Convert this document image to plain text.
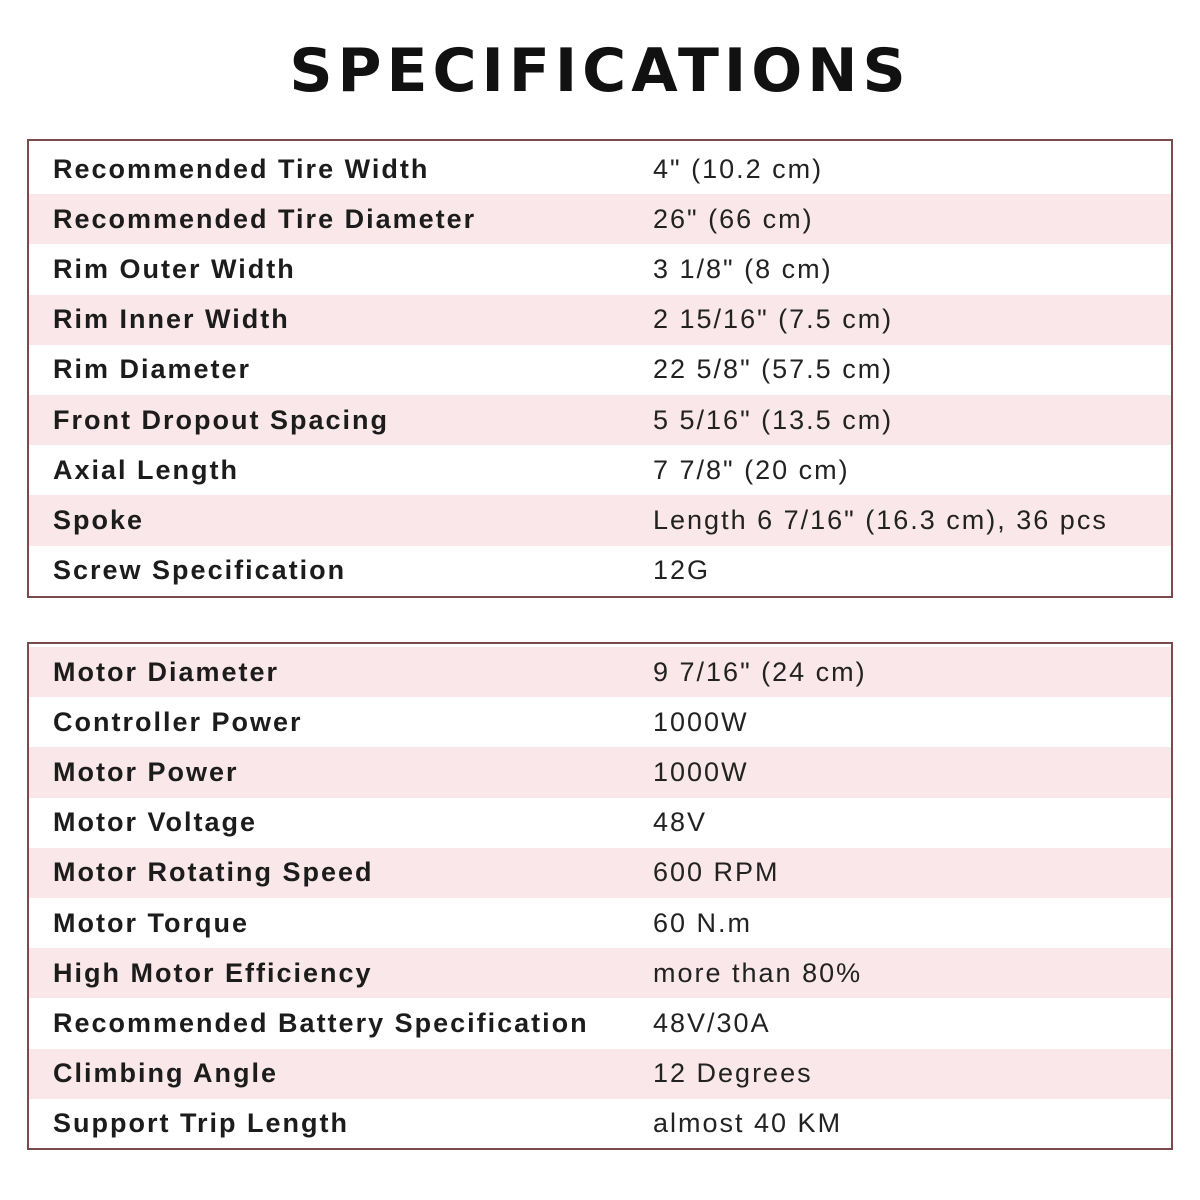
SPECIFICATIONS
Recommended Tire Width	4" (10.2 cm)
Recommended Tire Diameter	26" (66 cm)
Rim Outer Width	3 1/8" (8 cm)
Rim Inner Width	2 15/16" (7.5 cm)
Rim Diameter	22 5/8" (57.5 cm)
Front Dropout Spacing	5 5/16" (13.5 cm)
Axial Length	7 7/8" (20 cm)
Spoke	Length 6 7/16" (16.3 cm), 36 pcs
Screw Specification	12G
Motor Diameter	9 7/16" (24 cm)
Controller Power	1000W
Motor Power	1000W
Motor Voltage	48V
Motor Rotating Speed	600 RPM
Motor Torque	60 N.m
High Motor Efficiency	more than 80%
Recommended Battery Specification	48V/30A
Climbing Angle	12 Degrees
Support Trip Length	almost 40 KM
